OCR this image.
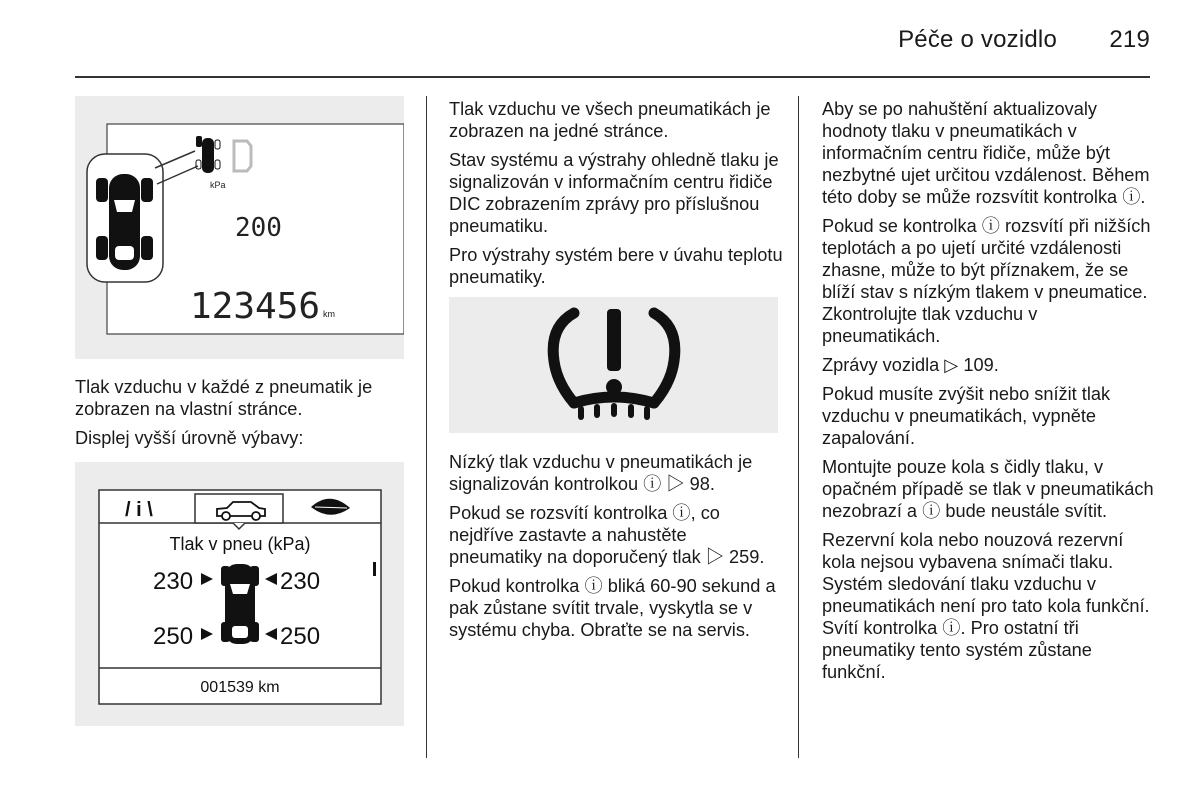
Péče o vozidlo 219
kPa
200
123456 km

Tlak vzduchu v každé z pneumatik je zobrazen na vlastní stránce.

Displej vyšší úrovně výbavy:

/ i \
Tlak v pneu (kPa)
230	230
250	250
001539 km

Tlak vzduchu ve všech pneumatikách je zobrazen na jedné stránce.

Stav systému a výstrahy ohledně tlaku je signalizován v informačním centru řidiče DIC zobrazením zprávy pro příslušnou pneumatiku.

Pro výstrahy systém bere v úvahu teplotu pneumatiky.

Nízký tlak vzduchu v pneumatikách je signalizován kontrolkou ⓘ ▷ 98.

Pokud se rozsvítí kontrolka ⓘ, co nejdříve zastavte a nahustěte pneumatiky na doporučený tlak ▷ 259.

Pokud kontrolka ⓘ bliká 60-90 sekund a pak zůstane svítit trvale, vyskytla se v systému chyba. Obraťte se na servis.

Aby se po nahuštění aktualizovaly hodnoty tlaku v pneumatikách v informačním centru řidiče, může být nezbytné ujet určitou vzdálenost. Během této doby se může rozsvítit kontrolka ⓘ.

Pokud se kontrolka ⓘ rozsvítí při nižších teplotách a po ujetí určité vzdálenosti zhasne, může to být příznakem, že se blíží stav s nízkým tlakem v pneumatice. Zkontrolujte tlak vzduchu v pneumatikách.

Zprávy vozidla ▷ 109.

Pokud musíte zvýšit nebo snížit tlak vzduchu v pneumatikách, vypněte zapalování.

Montujte pouze kola s čidly tlaku, v opačném případě se tlak v pneumatikách nezobrazí a ⓘ bude neustále svítit.

Rezervní kola nebo nouzová rezervní kola nejsou vybavena snímači tlaku. Systém sledování tlaku vzduchu v pneumatikách není pro tato kola funkční. Svítí kontrolka ⓘ. Pro ostatní tři pneumatiky tento systém zůstane funkční.
